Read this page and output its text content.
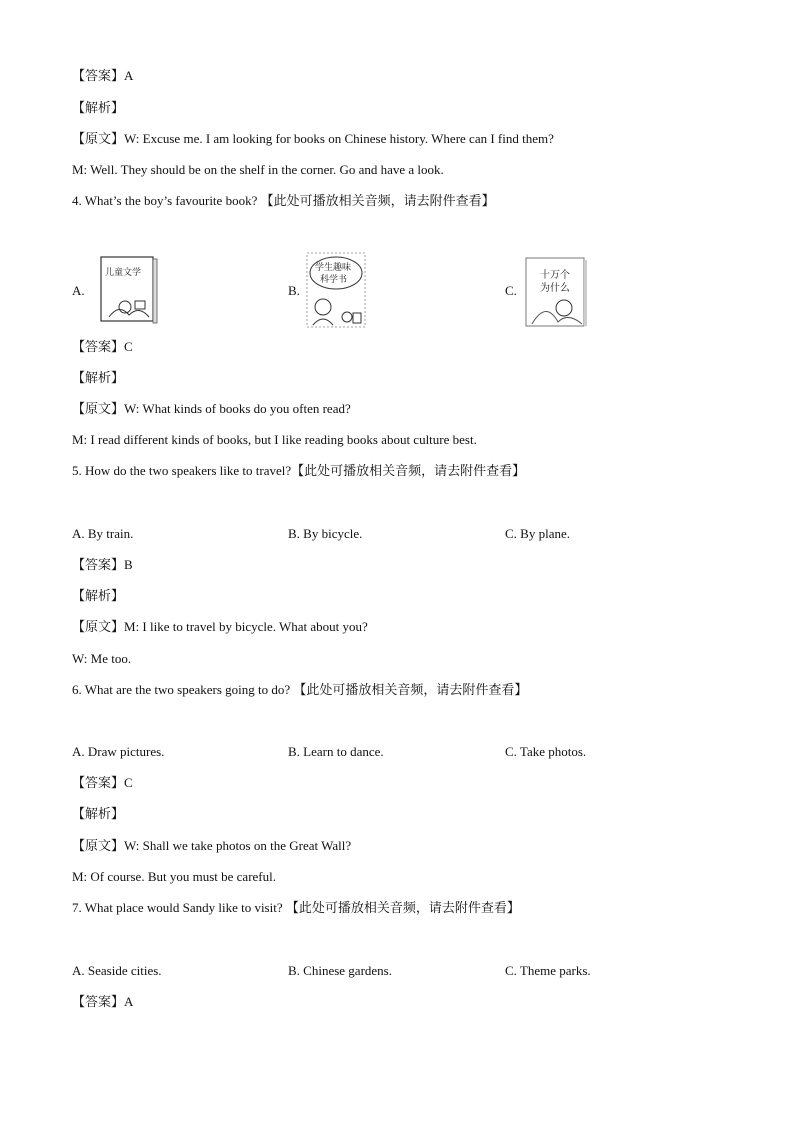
【答案】A
【解析】
【原文】W: Excuse me. I am looking for books on Chinese history. Where can I find them?
M: Well. They should be on the shelf in the corner. Go and have a look.
4. What’s the boy’s favourite book? 【此处可播放相关音频，请去附件查看】
A.
儿童文学
B.
学生趣味
科学书
C.
十万个
为什么
【答案】C
【解析】
【原文】W: What kinds of books do you often read?
M: I read different kinds of books, but I like reading books about culture best.
5. How do the two speakers like to travel?【此处可播放相关音频，请去附件查看】
A. By train.	B. By bicycle.	C. By plane.
【答案】B
【解析】
【原文】M: I like to travel by bicycle. What about you?
W: Me too.
6. What are the two speakers going to do? 【此处可播放相关音频，请去附件查看】
A. Draw pictures.	B. Learn to dance.	C. Take photos.
【答案】C
【解析】
【原文】W: Shall we take photos on the Great Wall?
M: Of course. But you must be careful.
7. What place would Sandy like to visit? 【此处可播放相关音频，请去附件查看】
A. Seaside cities.	B. Chinese gardens.	C. Theme parks.
【答案】A
